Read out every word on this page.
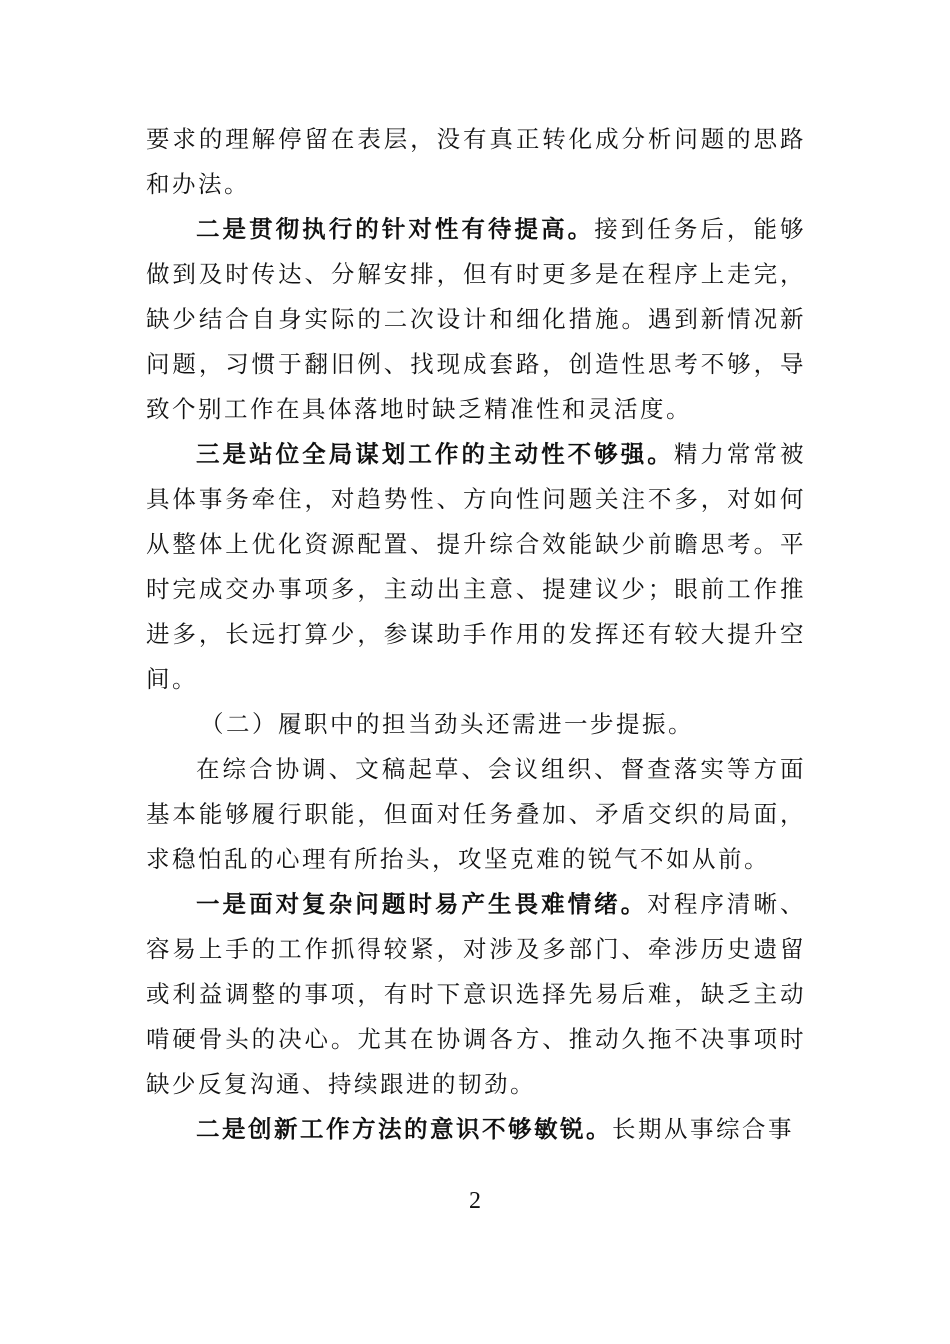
要求的理解停留在表层，没有真正转化成分析问题的思路和办法。

二是贯彻执行的针对性有待提高。接到任务后，能够做到及时传达、分解安排，但有时更多是在程序上走完，缺少结合自身实际的二次设计和细化措施。遇到新情况新问题，习惯于翻旧例、找现成套路，创造性思考不够，导致个别工作在具体落地时缺乏精准性和灵活度。

三是站位全局谋划工作的主动性不够强。精力常常被具体事务牵住，对趋势性、方向性问题关注不多，对如何从整体上优化资源配置、提升综合效能缺少前瞻思考。平时完成交办事项多，主动出主意、提建议少；眼前工作推进多，长远打算少，参谋助手作用的发挥还有较大提升空间。

（二）履职中的担当劲头还需进一步提振。

在综合协调、文稿起草、会议组织、督查落实等方面基本能够履行职能，但面对任务叠加、矛盾交织的局面，求稳怕乱的心理有所抬头，攻坚克难的锐气不如从前。

一是面对复杂问题时易产生畏难情绪。对程序清晰、容易上手的工作抓得较紧，对涉及多部门、牵涉历史遗留或利益调整的事项，有时下意识选择先易后难，缺乏主动啃硬骨头的决心。尤其在协调各方、推动久拖不决事项时缺少反复沟通、持续跟进的韧劲。

二是创新工作方法的意识不够敏锐。长期从事综合事

2
